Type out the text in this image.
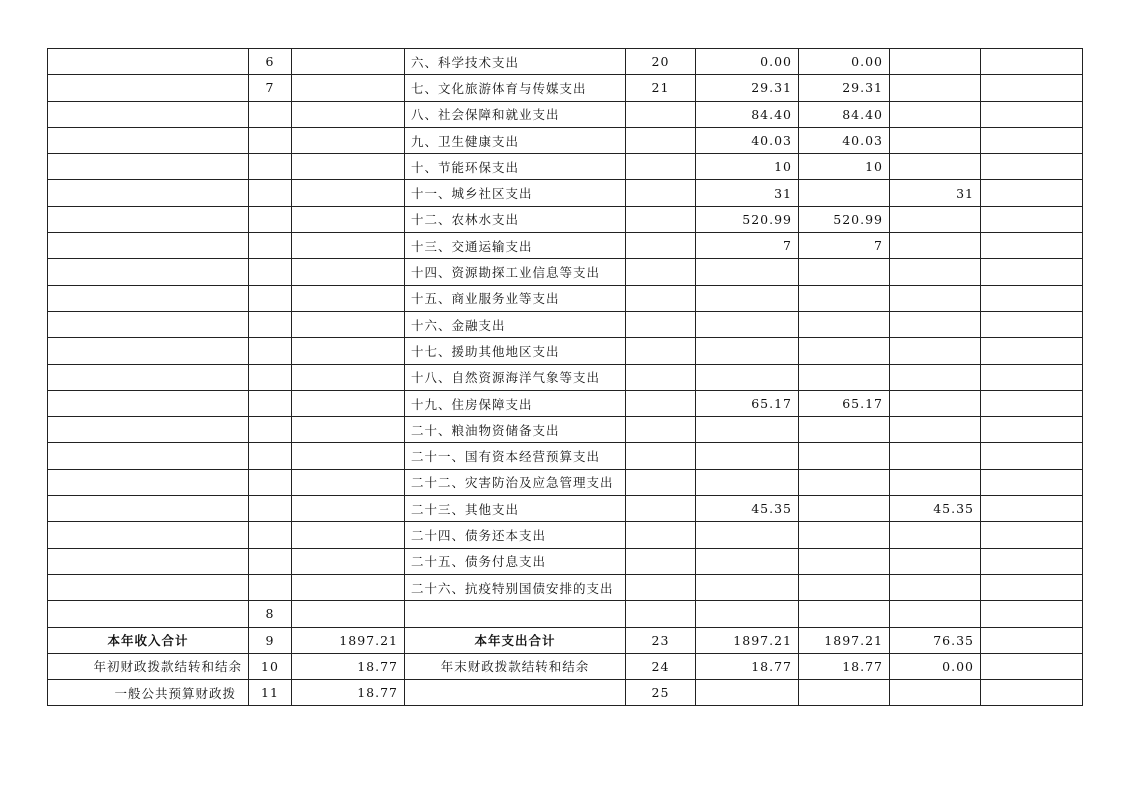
	6		六、科学技术支出	20	0.00	0.00		
	7		七、文化旅游体育与传媒支出	21	29.31	29.31		
			八、社会保障和就业支出		84.40	84.40		
			九、卫生健康支出		40.03	40.03		
			十、节能环保支出		10	10		
			十一、城乡社区支出		31		31	
			十二、农林水支出		520.99	520.99		
			十三、交通运输支出		7	7		
			十四、资源勘探工业信息等支出					
			十五、商业服务业等支出					
			十六、金融支出					
			十七、援助其他地区支出					
			十八、自然资源海洋气象等支出					
			十九、住房保障支出		65.17	65.17		
			二十、粮油物资储备支出					
			二十一、国有资本经营预算支出					
			二十二、灾害防治及应急管理支出					
			二十三、其他支出		45.35		45.35	
			二十四、债务还本支出					
			二十五、债务付息支出					
			二十六、抗疫特别国债安排的支出					
	8							
本年收入合计	9	1897.21	本年支出合计	23	1897.21	1897.21	76.35	
年初财政拨款结转和结余	10	18.77	年末财政拨款结转和结余	24	18.77	18.77	0.00	
一般公共预算财政拨	11	18.77		25				
